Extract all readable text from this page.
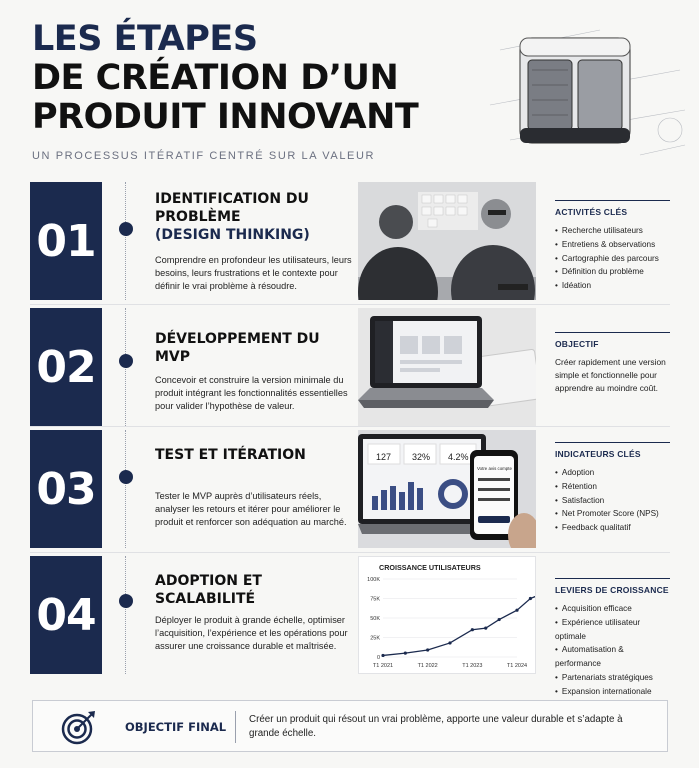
LES ÉTAPES
DE CRÉATION D’UN
PRODUIT INNOVANT
UN PROCESSUS ITÉRATIF CENTRÉ SUR LA VALEUR
01
IDENTIFICATION DU PROBLÈME
(DESIGN THINKING)
Comprendre en profondeur les utilisateurs, leurs besoins, leurs frustrations et le contexte pour définir le vrai problème à résoudre.
ACTIVITÉS CLÉS
• Recherche utilisateurs
• Entretiens & observations
• Cartographie des parcours
• Définition du problème
• Idéation
02
DÉVELOPPEMENT DU MVP
Concevoir et construire la version minimale du produit intégrant les fonctionnalités essentielles pour valider l’hypothèse de valeur.
OBJECTIF

Créer rapidement une version simple et fonctionnelle pour apprendre au moindre coût.

03
TEST ET ITÉRATION
Tester le MVP auprès d’utilisateurs réels, analyser les retours et itérer pour améliorer le produit et renforcer son adéquation au marché.
127 32% 4.2%
Votre avis compte
INDICATEURS CLÉS
• Adoption
• Rétention
• Satisfaction
• Net Promoter Score (NPS)
• Feedback qualitatif
04
ADOPTION ET SCALABILITÉ
Déployer le produit à grande échelle, optimiser l’acquisition, l’expérience et les opérations pour assurer une croissance durable et maîtrisée.
CROISSANCE UTILISATEURS
0
25K
50K
75K
100K
T1 2021	T1 2022	T1 2023	T1 2024
LEVIERS DE CROISSANCE
• Acquisition efficace
• Expérience utilisateur optimale
• Automatisation & performance
• Partenariats stratégiques
• Expansion internationale
OBJECTIF FINAL
Créer un produit qui résout un vrai problème, apporte une valeur durable et s’adapte à grande échelle.
